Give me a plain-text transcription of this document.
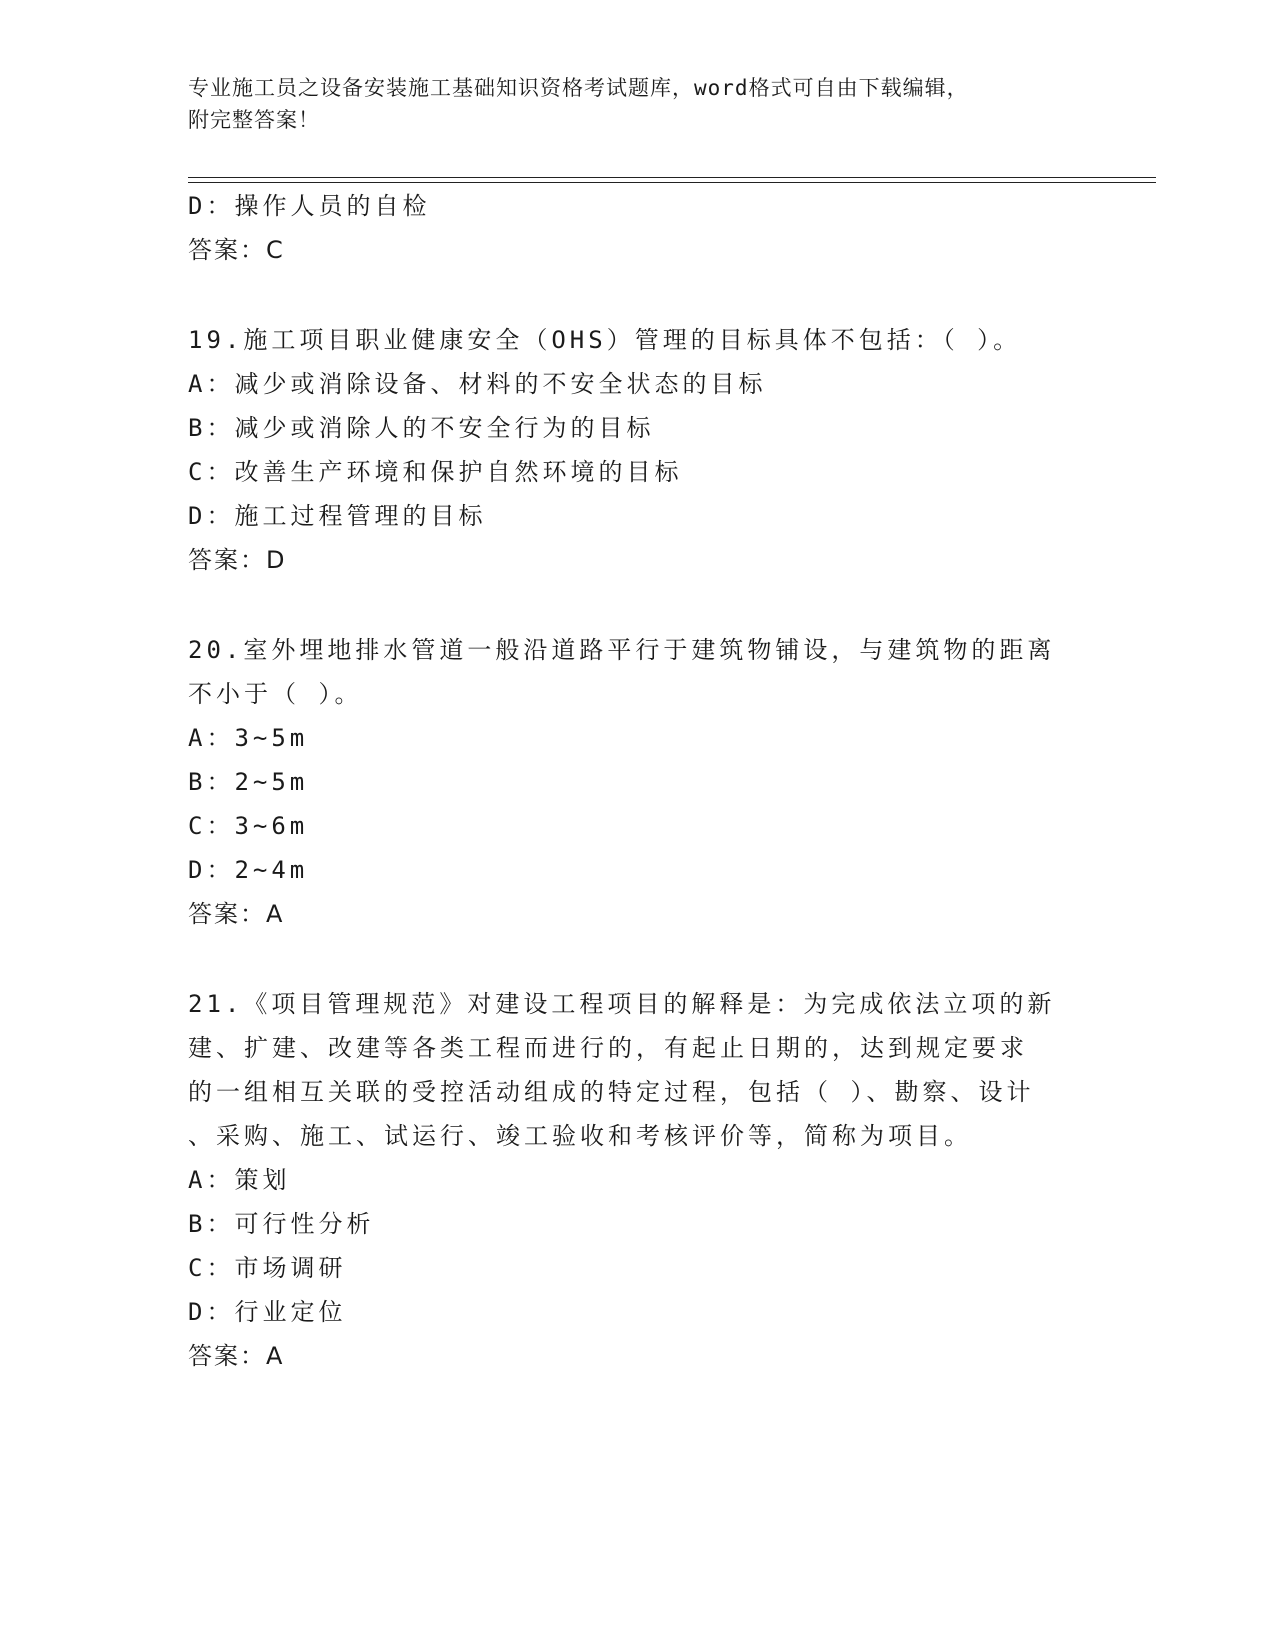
专业施工员之设备安装施工基础知识资格考试题库，word格式可自由下载编辑，
附完整答案！
D：操作人员的自检
答案：C
19.施工项目职业健康安全（OHS）管理的目标具体不包括：（ ）。
A：减少或消除设备、材料的不安全状态的目标
B：减少或消除人的不安全行为的目标
C：改善生产环境和保护自然环境的目标
D：施工过程管理的目标
答案：D
20.室外埋地排水管道一般沿道路平行于建筑物铺设，与建筑物的距离
不小于（ ）。
A：3~5m
B：2~5m
C：3~6m
D：2~4m
答案：A
21.《项目管理规范》对建设工程项目的解释是：为完成依法立项的新
建、扩建、改建等各类工程而进行的，有起止日期的，达到规定要求
的一组相互关联的受控活动组成的特定过程，包括（ ）、勘察、设计
、采购、施工、试运行、竣工验收和考核评价等，简称为项目。
A：策划
B：可行性分析
C：市场调研
D：行业定位
答案：A
